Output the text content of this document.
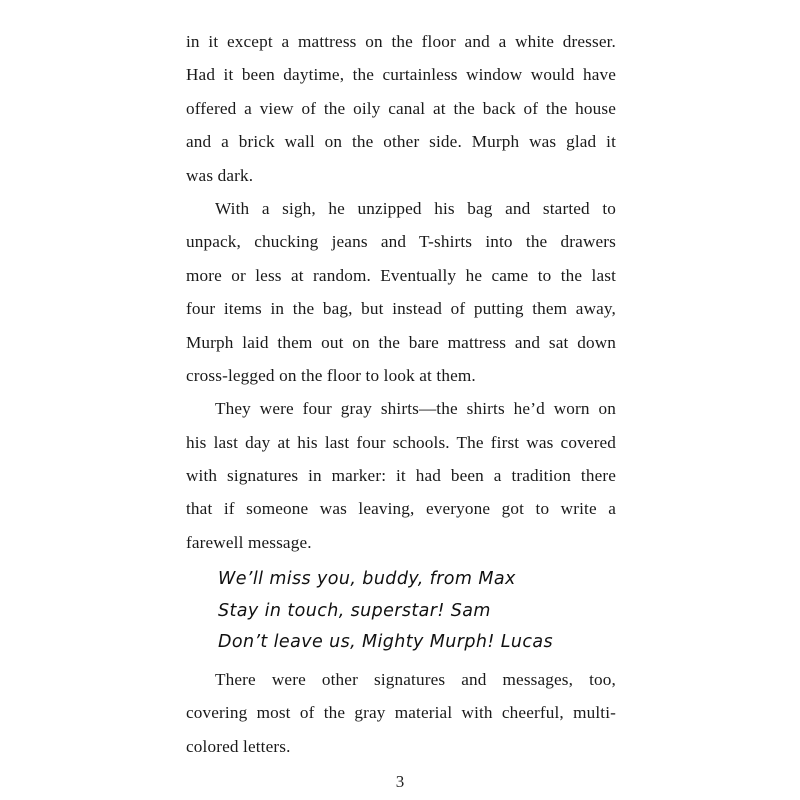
in it except a mattress on the floor and a white dresser.
Had it been daytime, the curtainless window would have
offered a view of the oily canal at the back of the house
and a brick wall on the other side. Murph was glad it
was dark.
With a sigh, he unzipped his bag and started to
unpack, chucking jeans and T-shirts into the drawers
more or less at random. Eventually he came to the last
four items in the bag, but instead of putting them away,
Murph laid them out on the bare mattress and sat down
cross-legged on the floor to look at them.
They were four gray shirts—the shirts he’d worn on
his last day at his last four schools. The first was covered
with signatures in marker: it had been a tradition there
that if someone was leaving, everyone got to write a
farewell message.
We’ll miss you, buddy, from Max
Stay in touch, superstar! Sam
Don’t leave us, Mighty Murph! Lucas
There were other signatures and messages, too,
covering most of the gray material with cheerful, multi-
colored letters.
3
